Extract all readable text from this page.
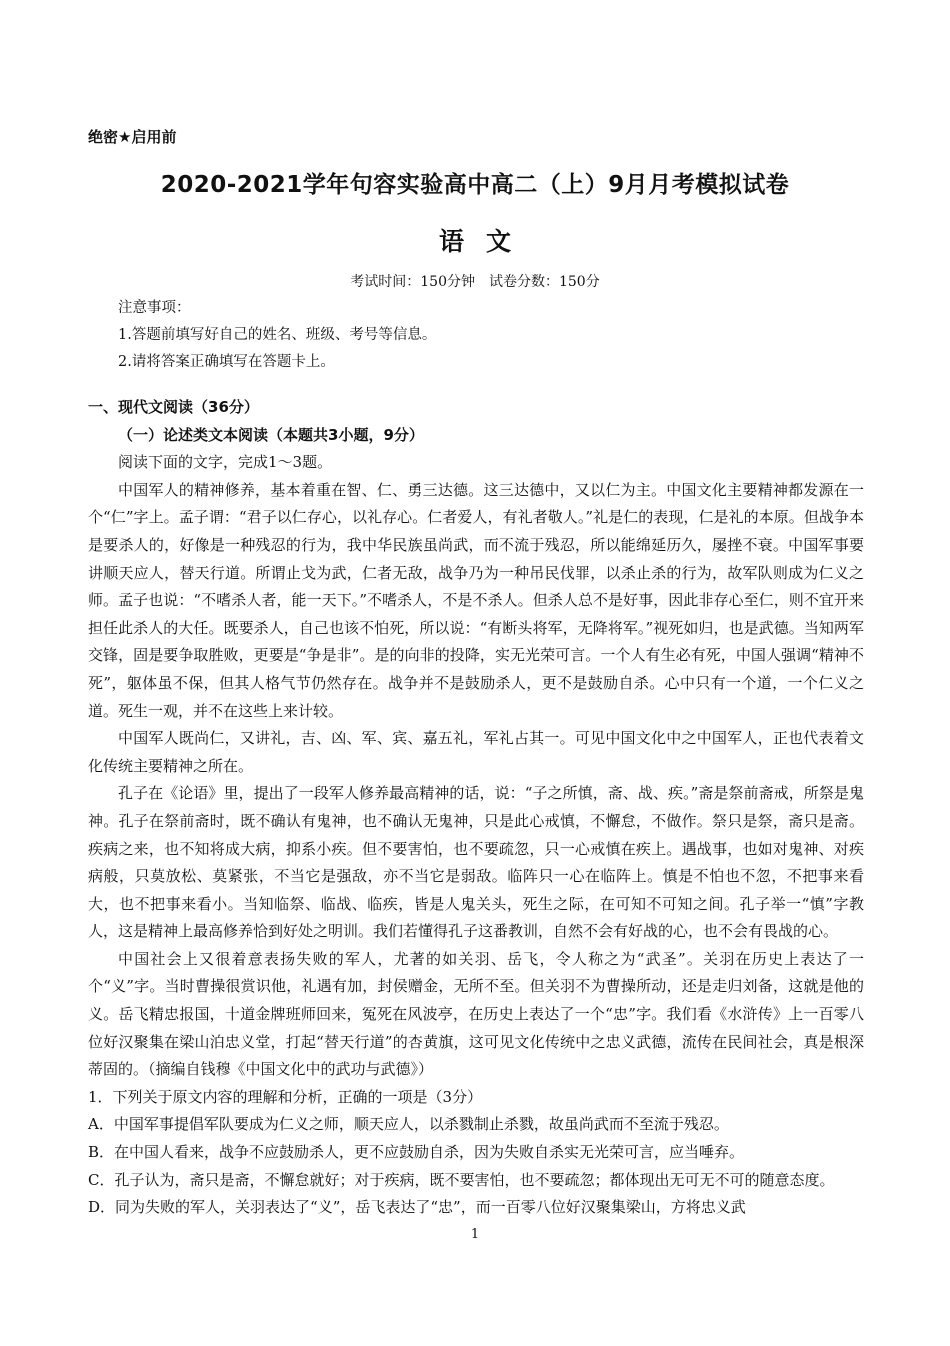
绝密★启用前
2020-2021学年句容实验高中高二（上）9月月考模拟试卷
语文
考试时间：150分钟　试卷分数：150分
注意事项：
1.答题前填写好自己的姓名、班级、考号等信息。
2.请将答案正确填写在答题卡上。
一、现代文阅读（36分）
（一）论述类文本阅读（本题共3小题，9分）
阅读下面的文字，完成1～3题。
中国军人的精神修养，基本着重在智、仁、勇三达德。这三达德中，又以仁为主。中国文化主要精神都发源在一个“仁”字上。孟子谓：“君子以仁存心，以礼存心。仁者爱人，有礼者敬人。”礼是仁的表现，仁是礼的本原。但战争本是要杀人的，好像是一种残忍的行为，我中华民族虽尚武，而不流于残忍，所以能绵延历久，屡挫不衰。中国军事要讲顺天应人，替天行道。所谓止戈为武，仁者无敌，战争乃为一种吊民伐罪，以杀止杀的行为，故军队则成为仁义之师。孟子也说：“不嗜杀人者，能一天下。”不嗜杀人，不是不杀人。但杀人总不是好事，因此非存心至仁，则不宜开来担任此杀人的大任。既要杀人，自己也该不怕死，所以说：“有断头将军，无降将军。”视死如归，也是武德。当知两军交锋，固是要争取胜败，更要是“争是非”。是的向非的投降，实无光荣可言。一个人有生必有死，中国人强调“精神不死”，躯体虽不保，但其人格气节仍然存在。战争并不是鼓励杀人，更不是鼓励自杀。心中只有一个道，一个仁义之道。死生一观，并不在这些上来计较。
中国军人既尚仁，又讲礼，吉、凶、军、宾、嘉五礼，军礼占其一。可见中国文化中之中国军人，正也代表着文化传统主要精神之所在。
孔子在《论语》里，提出了一段军人修养最高精神的话，说：“子之所慎，斋、战、疾。”斋是祭前斋戒，所祭是鬼神。孔子在祭前斋时，既不确认有鬼神，也不确认无鬼神，只是此心戒慎，不懈怠，不做作。祭只是祭，斋只是斋。疾病之来，也不知将成大病，抑系小疾。但不要害怕，也不要疏忽，只一心戒慎在疾上。遇战事，也如对鬼神、对疾病般，只莫放松、莫紧张，不当它是强敌，亦不当它是弱敌。临阵只一心在临阵上。慎是不怕也不忽，不把事来看大，也不把事来看小。当知临祭、临战、临疾，皆是人鬼关头，死生之际，在可知不可知之间。孔子举一“慎”字教人，这是精神上最高修养恰到好处之明训。我们若懂得孔子这番教训，自然不会有好战的心，也不会有畏战的心。
中国社会上又很着意表扬失败的军人，尤著的如关羽、岳飞，令人称之为“武圣”。关羽在历史上表达了一个“义”字。当时曹操很赏识他，礼遇有加，封侯赠金，无所不至。但关羽不为曹操所动，还是走归刘备，这就是他的义。岳飞精忠报国，十道金牌班师回来，冤死在风波亭，在历史上表达了一个“忠”字。我们看《水浒传》上一百零八位好汉聚集在梁山泊忠义堂，打起“替天行道”的杏黄旗，这可见文化传统中之忠义武德，流传在民间社会，真是根深蒂固的。（摘编自钱穆《中国文化中的武功与武德》）
1．下列关于原文内容的理解和分析，正确的一项是（3分）
A．中国军事提倡军队要成为仁义之师，顺天应人，以杀戮制止杀戮，故虽尚武而不至流于残忍。
B．在中国人看来，战争不应鼓励杀人，更不应鼓励自杀，因为失败自杀实无光荣可言，应当唾弃。
C．孔子认为，斋只是斋，不懈怠就好；对于疾病，既不要害怕，也不要疏忽；都体现出无可无不可的随意态度。
D．同为失败的军人，关羽表达了“义”，岳飞表达了“忠”，而一百零八位好汉聚集梁山，方将忠义武
1
